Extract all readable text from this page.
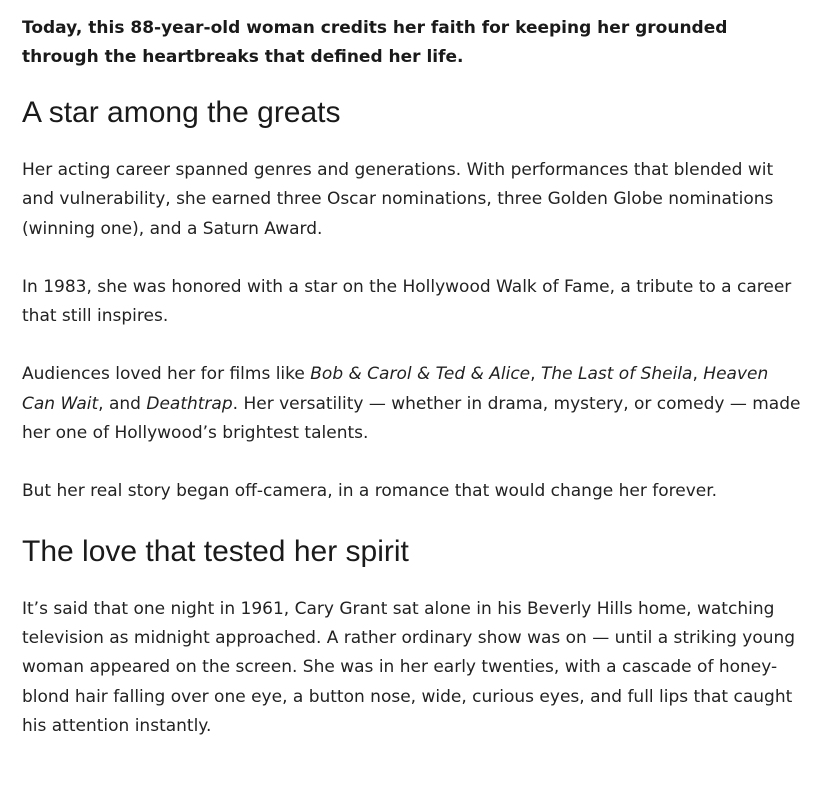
Today, this 88-year-old woman credits her faith for keeping her grounded through the heartbreaks that defined her life.

A star among the greats

Her acting career spanned genres and generations. With performances that blended wit and vulnerability, she earned three Oscar nominations, three Golden Globe nominations (winning one), and a Saturn Award.

In 1983, she was honored with a star on the Hollywood Walk of Fame, a tribute to a career that still inspires.

Audiences loved her for films like Bob & Carol & Ted & Alice, The Last of Sheila, Heaven Can Wait, and Deathtrap. Her versatility — whether in drama, mystery, or comedy — made her one of Hollywood’s brightest talents.

But her real story began off-camera, in a romance that would change her forever.

The love that tested her spirit

It’s said that one night in 1961, Cary Grant sat alone in his Beverly Hills home, watching television as midnight approached. A rather ordinary show was on — until a striking young woman appeared on the screen. She was in her early twenties, with a cascade of honey-blond hair falling over one eye, a button nose, wide, curious eyes, and full lips that caught his attention instantly.
